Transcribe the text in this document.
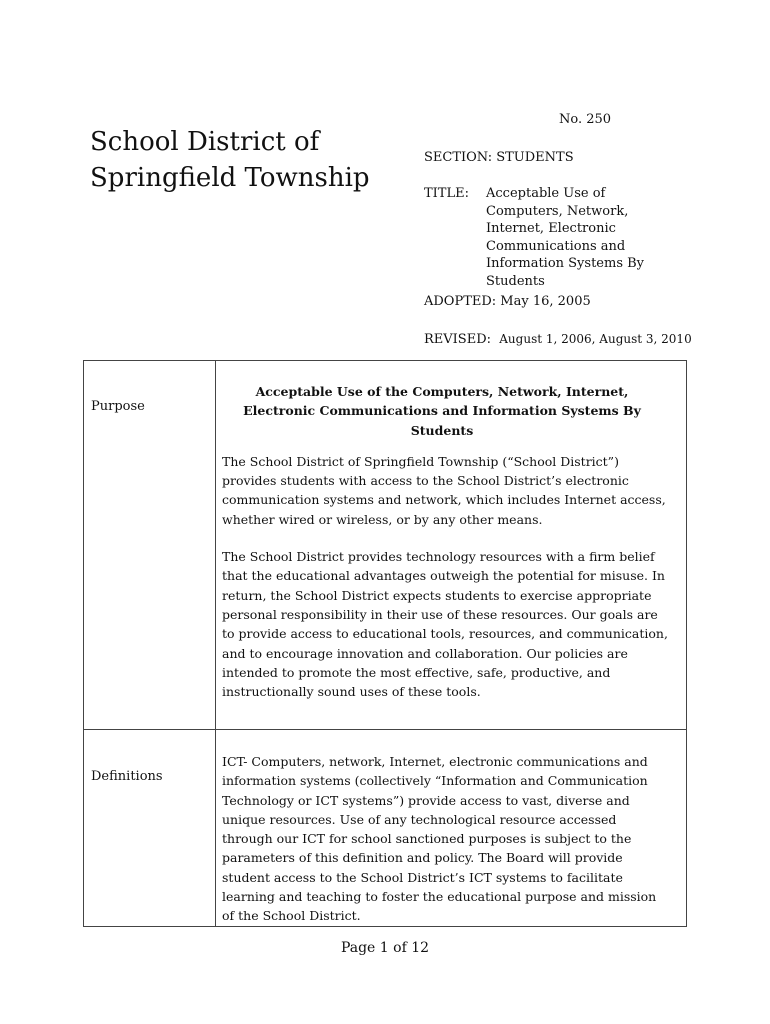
School District of Springfield Township
No. 250
SECTION: STUDENTS
TITLE: Acceptable Use of Computers, Network, Internet, Electronic Communications and Information Systems By Students
ADOPTED: May 16, 2005
REVISED: August 1, 2006, August 3, 2010
Purpose	Acceptable Use of the Computers, Network, Internet, Electronic Communications and Information Systems By Students

The School District of Springfield Township (“School District”) provides students with access to the School District’s electronic communication systems and network, which includes Internet access, whether wired or wireless, or by any other means.

The School District provides technology resources with a firm belief that the educational advantages outweigh the potential for misuse. In return, the School District expects students to exercise appropriate personal responsibility in their use of these resources. Our goals are to provide access to educational tools, resources, and communication, and to encourage innovation and collaboration. Our policies are intended to promote the most effective, safe, productive, and instructionally sound uses of these tools.

Definitions	ICT- Computers, network, Internet, electronic communications and information systems (collectively “Information and Communication Technology or ICT systems”) provide access to vast, diverse and unique resources. Use of any technological resource accessed through our ICT for school sanctioned purposes is subject to the parameters of this definition and policy. The Board will provide student access to the School District’s ICT systems to facilitate learning and teaching to foster the educational purpose and mission of the School District.

Page 1 of 12
